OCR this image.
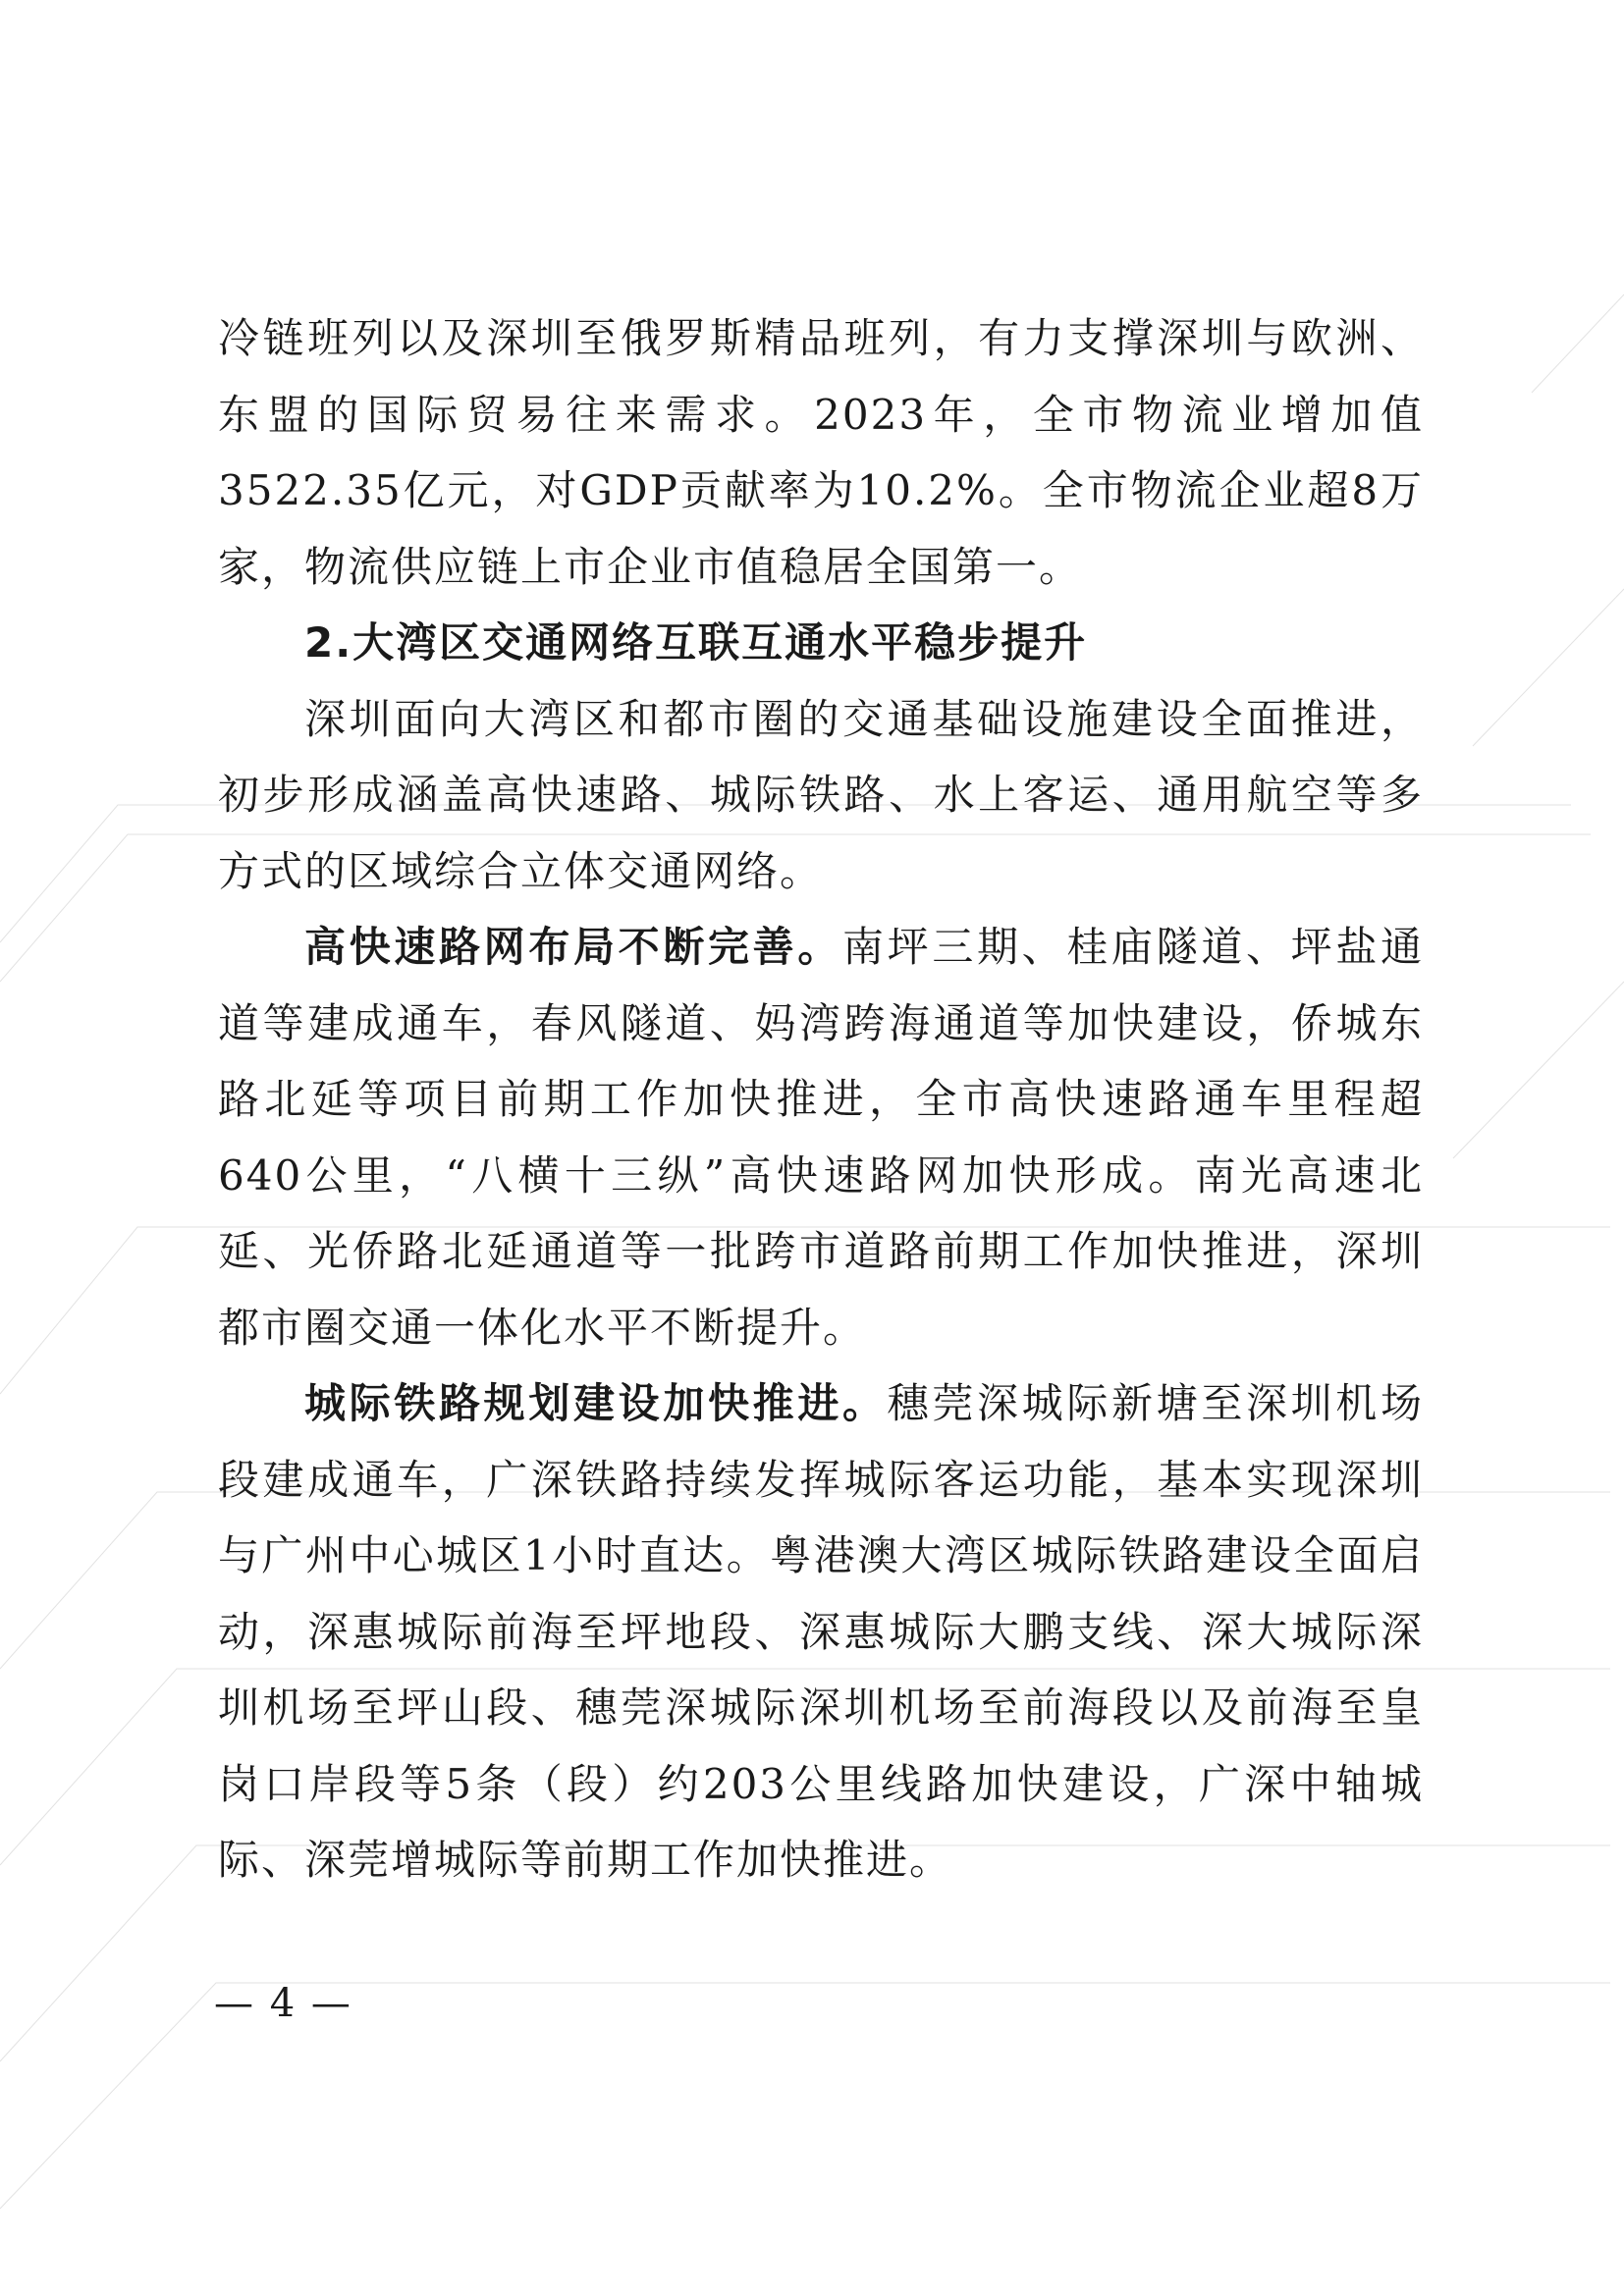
冷链班列以及深圳至俄罗斯精品班列，有力支撑深圳与欧洲、东盟的国际贸易往来需求。2023年，全市物流业增加值3522.35亿元，对GDP贡献率为10.2%。全市物流企业超8万家，物流供应链上市企业市值稳居全国第一。

2.大湾区交通网络互联互通水平稳步提升

深圳面向大湾区和都市圈的交通基础设施建设全面推进，初步形成涵盖高快速路、城际铁路、水上客运、通用航空等多方式的区域综合立体交通网络。

高快速路网布局不断完善。南坪三期、桂庙隧道、坪盐通道等建成通车，春风隧道、妈湾跨海通道等加快建设，侨城东路北延等项目前期工作加快推进，全市高快速路通车里程超640公里，“八横十三纵”高快速路网加快形成。南光高速北延、光侨路北延通道等一批跨市道路前期工作加快推进，深圳都市圈交通一体化水平不断提升。

城际铁路规划建设加快推进。穗莞深城际新塘至深圳机场段建成通车，广深铁路持续发挥城际客运功能，基本实现深圳与广州中心城区1小时直达。粤港澳大湾区城际铁路建设全面启动，深惠城际前海至坪地段、深惠城际大鹏支线、深大城际深圳机场至坪山段、穗莞深城际深圳机场至前海段以及前海至皇岗口岸段等5条（段）约203公里线路加快建设，广深中轴城际、深莞增城际等前期工作加快推进。

— 4 —
